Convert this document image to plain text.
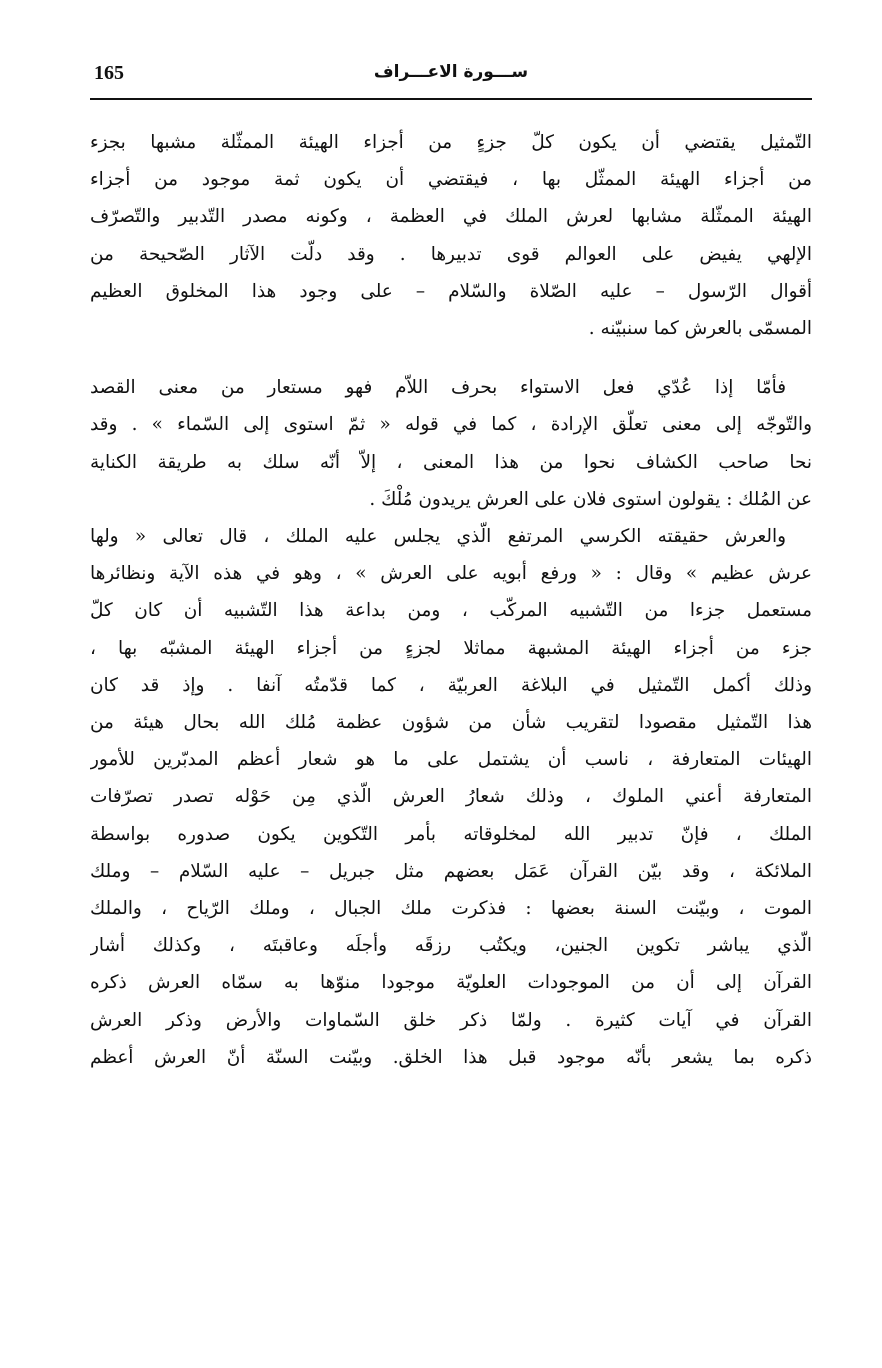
165	ســـورة الاعـــراف
التّمثيل يقتضي أن يكون كلّ جزءٍ من أجزاء الهيئة الممثّلة مشبها بجزء
من أجزاء الهيئة الممثّل بها ، فيقتضي أن يكون ثمة موجود من أجزاء
الهيئة الممثّلة مشابها لعرش الملك في العظمة ، وكونه مصدر التّدبير والتّصرّف
الإلهي يفيض على العوالم قوى تدبيرها . وقد دلّت الآثار الصّحيحة من
أقوال الرّسول – عليه الصّلاة والسّلام – على وجود هذا المخلوق العظيم
المسمّى بالعرش كما سنبيّنه .
فأمّا إذا عُدّي فعل الاستواء بحرف اللاّم فهو مستعار من معنى القصد
والتّوجّه إلى معنى تعلّق الإرادة ، كما في قوله « ثمّ استوى إلى السّماء » . وقد
نحا صاحب الكشاف نحوا من هذا المعنى ، إلاّ أنّه سلك به طريقة الكناية
عن المُلك : يقولون استوى فلان على العرش يريدون مُلْكَ .
والعرش حقيقته الكرسي المرتفع الّذي يجلس عليه الملك ، قال تعالى « ولها
عرش عظيم » وقال : « ورفع أبويه على العرش » ، وهو في هذه الآية ونظائرها
مستعمل جزءا من التّشبيه المركّب ، ومن بداعة هذا التّشبيه أن كان كلّ
جزء من أجزاء الهيئة المشبهة مماثلا لجزءٍ من أجزاء الهيئة المشبّه بها ،
وذلك أكمل التّمثيل في البلاغة العربيّة ، كما قدّمتُه آنفا . وإذ قد كان
هذا التّمثيل مقصودا لتقريب شأن من شؤون عظمة مُلك الله بحال هيئة من
الهيئات المتعارفة ، ناسب أن يشتمل على ما هو شعار أعظم المدبّرين للأمور
المتعارفة أعني الملوك ، وذلك شعارُ العرش الّذي مِن حَوْله تصدر تصرّفات
الملك ، فإنّ تدبير الله لمخلوقاته بأمر التّكوين يكون صدوره بواسطة
الملائكة ، وقد بيّن القرآن عَمَل بعضهم مثل جبريل – عليه السّلام – وملك
الموت ، وبيّنت السنة بعضها : فذكرت ملك الجبال ، وملك الرّياح ، والملك
الّذي يباشر تكوين الجنين، ويكتُب رزقَه وأجلَه وعاقبتَه ، وكذلك أشار
القرآن إلى أن من الموجودات العلويّة موجودا منوّها به سمّاه العرش ذكره
القرآن في آيات كثيرة . ولمّا ذكر خلق السّماوات والأرض وذكر العرش
ذكره بما يشعر بأنّه موجود قبل هذا الخلق. وبيّنت السنّة أنّ العرش أعظم
